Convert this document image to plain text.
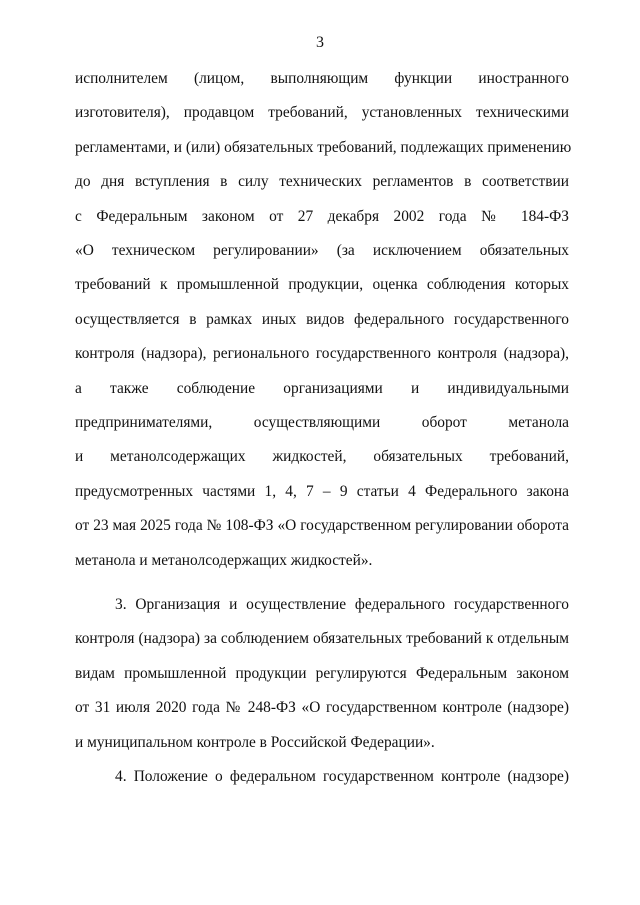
3
исполнителем (лицом, выполняющим функции иностранного
изготовителя), продавцом требований, установленных техническими
регламентами, и (или) обязательных требований, подлежащих применению
до дня вступления в силу технических регламентов в соответствии
с Федеральным законом от 27 декабря 2002 года № 184-ФЗ
«О техническом регулировании» (за исключением обязательных
требований к промышленной продукции, оценка соблюдения которых
осуществляется в рамках иных видов федерального государственного
контроля (надзора), регионального государственного контроля (надзора),
а также соблюдение организациями и индивидуальными
предпринимателями, осуществляющими оборот метанола
и метанолсодержащих жидкостей, обязательных требований,
предусмотренных частями 1, 4, 7 – 9 статьи 4 Федерального закона
от 23 мая 2025 года № 108-ФЗ «О государственном регулировании оборота
метанола и метанолсодержащих жидкостей».
3. Организация и осуществление федерального государственного
контроля (надзора) за соблюдением обязательных требований к отдельным
видам промышленной продукции регулируются Федеральным законом
от 31 июля 2020 года № 248-ФЗ «О государственном контроле (надзоре)
и муниципальном контроле в Российской Федерации».
4. Положение о федеральном государственном контроле (надзоре)
